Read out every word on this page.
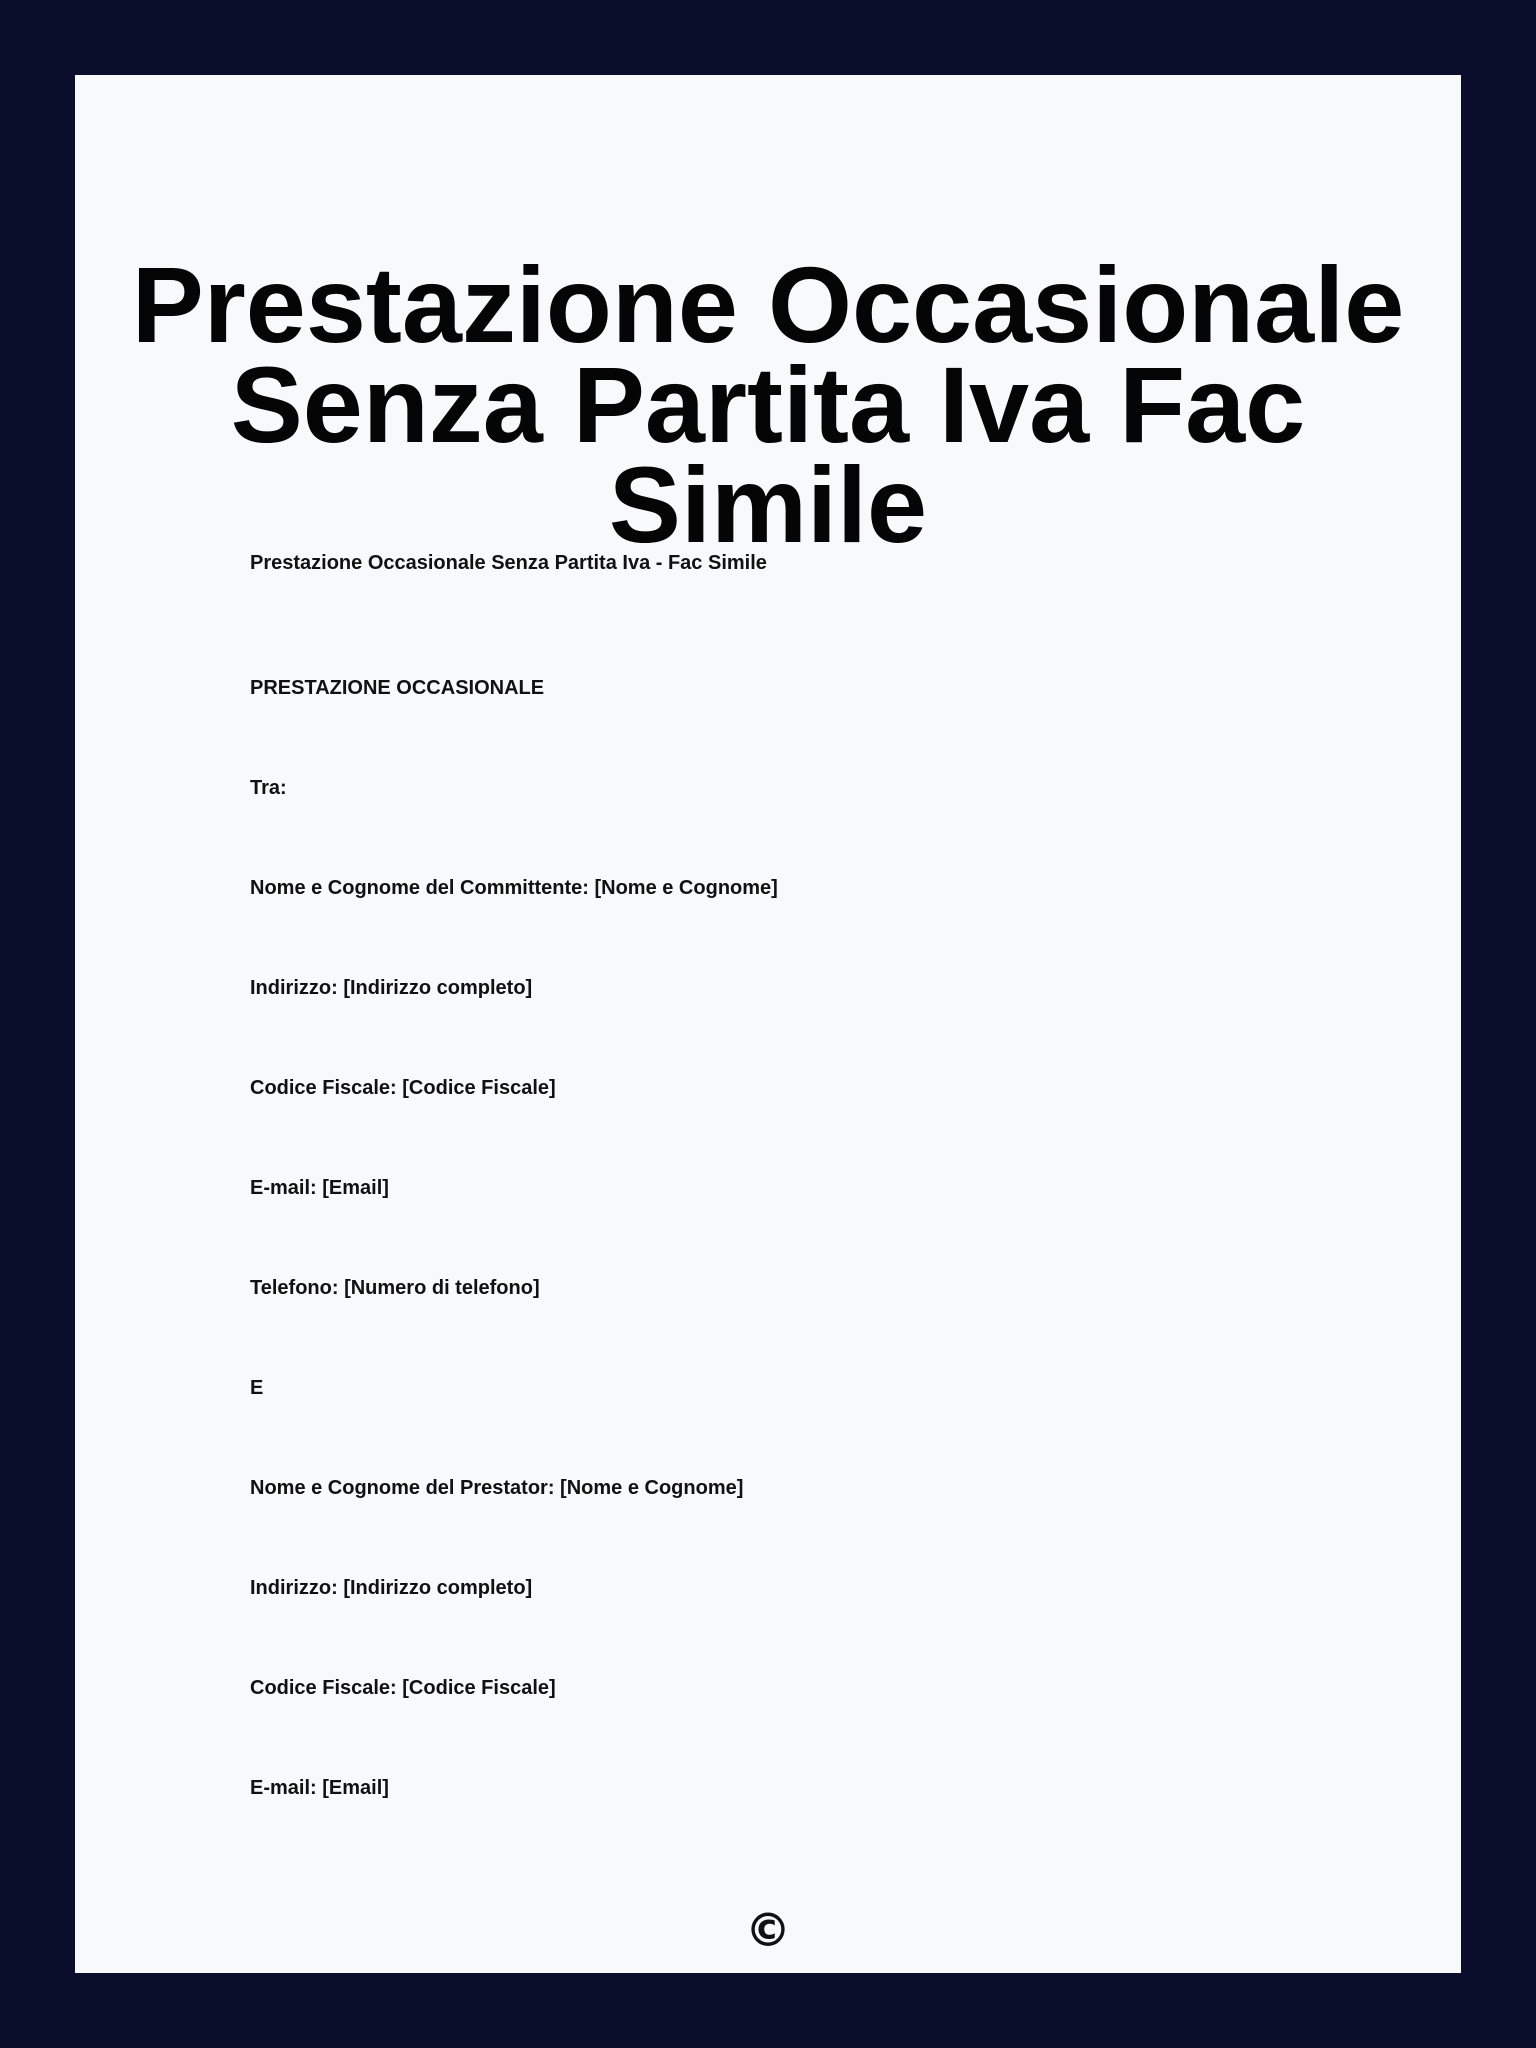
Prestazione Occasionale
Senza Partita Iva Fac Simile

Prestazione Occasionale Senza Partita Iva - Fac Simile

PRESTAZIONE OCCASIONALE

Tra:

Nome e Cognome del Committente: [Nome e Cognome]

Indirizzo: [Indirizzo completo]

Codice Fiscale: [Codice Fiscale]

E-mail: [Email]

Telefono: [Numero di telefono]

E

Nome e Cognome del Prestator: [Nome e Cognome]

Indirizzo: [Indirizzo completo]

Codice Fiscale: [Codice Fiscale]

E-mail: [Email]

©
